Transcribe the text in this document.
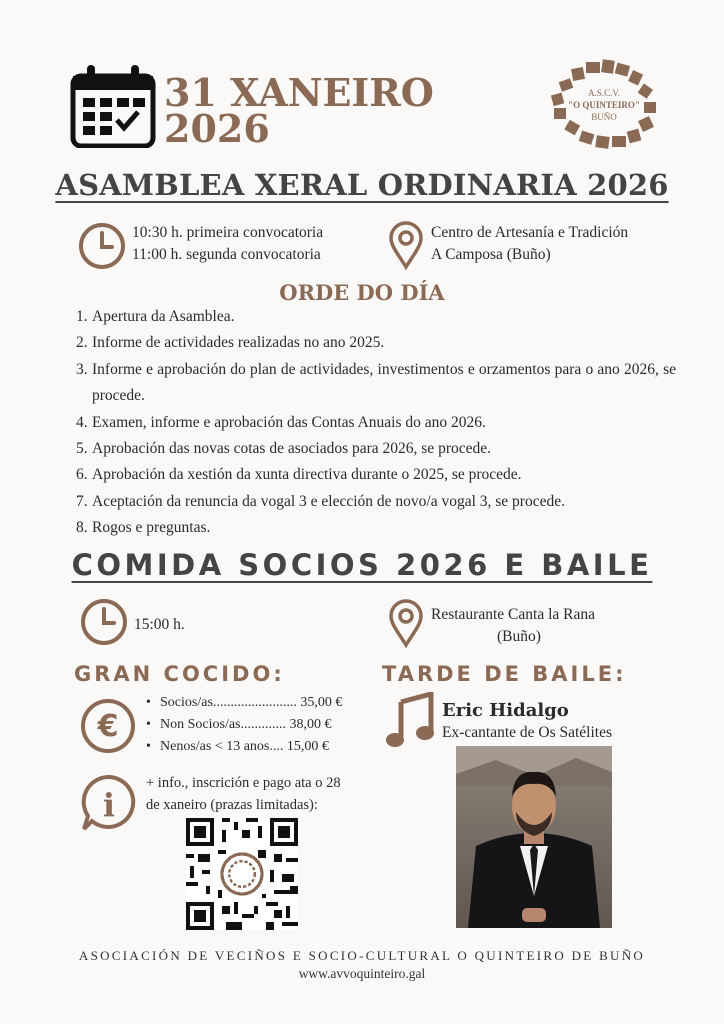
31 XANEIRO
2026
A.S.C.V.
"O QUINTEIRO"
BUÑO
ASAMBLEA XERAL ORDINARIA 2026
10:30 h. primeira convocatoria
11:00 h. segunda convocatoria
Centro de Artesanía e Tradición
A Camposa (Buño)
ORDE DO DÍA
1. Apertura da Asamblea.
2. Informe de actividades realizadas no ano 2025.
3. Informe e aprobación do plan de actividades, investimentos e orzamentos para o ano 2026, se procede.
4. Examen, informe e aprobación das Contas Anuais do ano 2026.
5. Aprobación das novas cotas de asociados para 2026, se procede.
6. Aprobación da xestión da xunta directiva durante o 2025, se procede.
7. Aceptación da renuncia da vogal 3 e elección de novo/a vogal 3, se procede.
8. Rogos e preguntas.
COMIDA SOCIOS 2026 E BAILE
15:00 h.
Restaurante Canta la Rana
(Buño)
GRAN COCIDO:	TARDE DE BAILE:
€
• Socios/as........................ 35,00 €
• Non Socios/as............. 38,00 €
• Nenos/as < 13 anos.... 15,00 €
Eric Hidalgo
Ex-cantante de Os Satélites
i
+ info., inscrición e pago ata o 28
de xaneiro (prazas limitadas):
ASOCIACIÓN DE VECIÑOS E SOCIO-CULTURAL O QUINTEIRO DE BUÑO
www.avvoquinteiro.gal
